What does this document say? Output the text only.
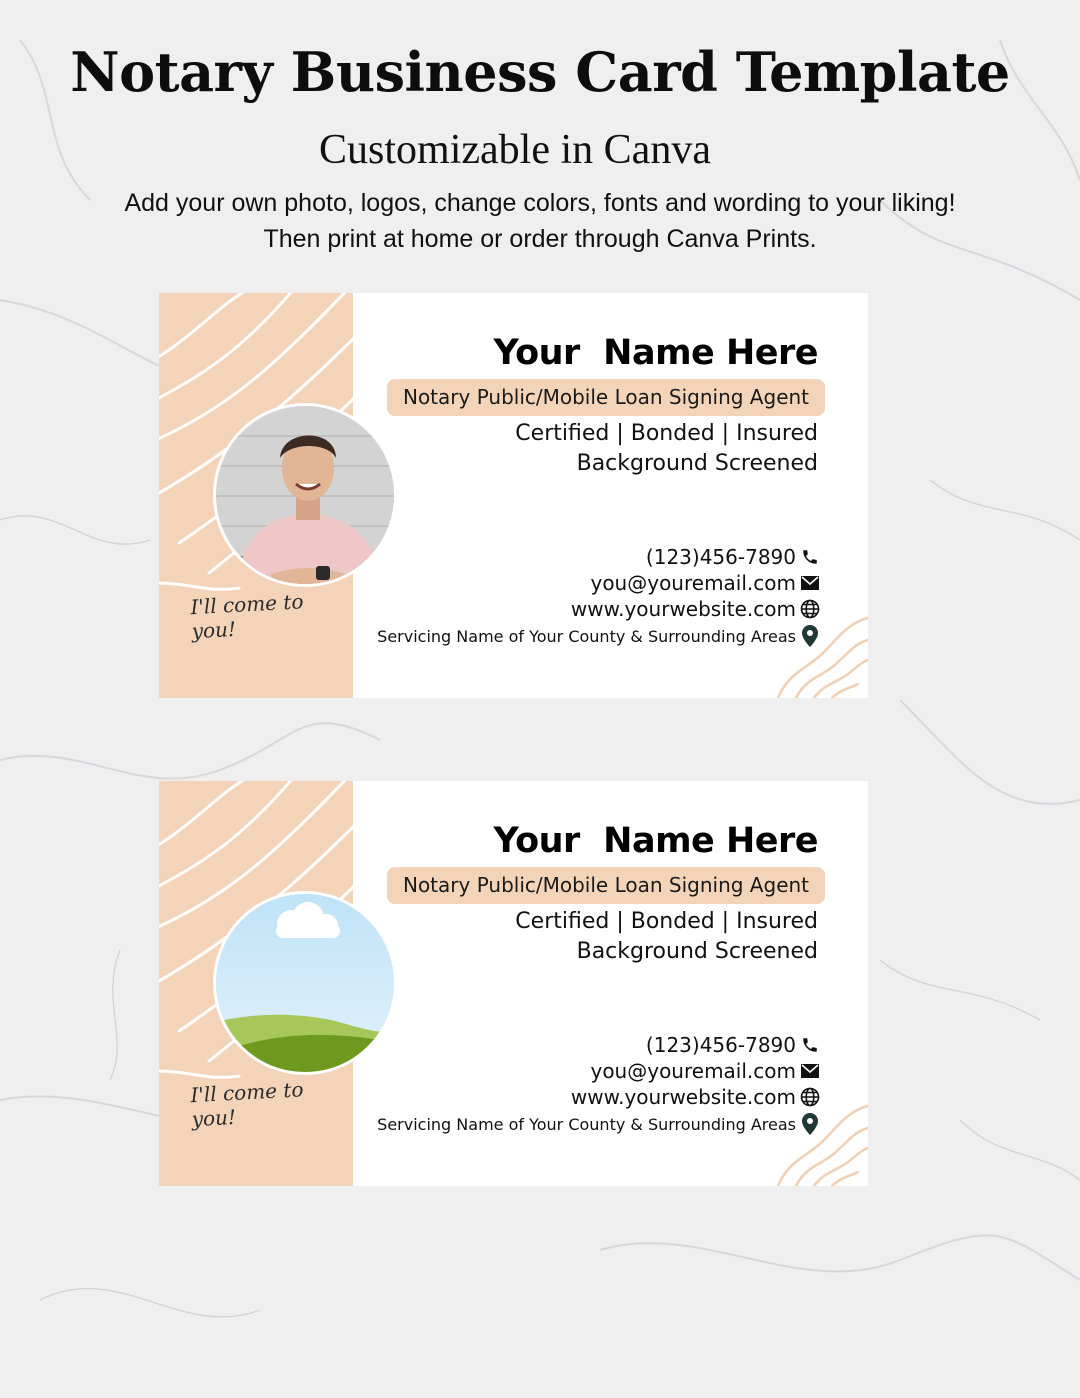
Notary Business Card Template
Customizable in Canva
Add your own photo, logos, change colors, fonts and wording to your liking!
Then print at home or order through Canva Prints.
I'll come to you!
Your  Name Here
Notary Public/Mobile Loan Signing Agent
Certified | Bonded | Insured
Background Screened
(123)456-7890
you@youremail.com
www.yourwebsite.com
Servicing Name of Your County & Surrounding Areas
I'll come to you!
Your  Name Here
Notary Public/Mobile Loan Signing Agent
Certified | Bonded | Insured
Background Screened
(123)456-7890
you@youremail.com
www.yourwebsite.com
Servicing Name of Your County & Surrounding Areas
